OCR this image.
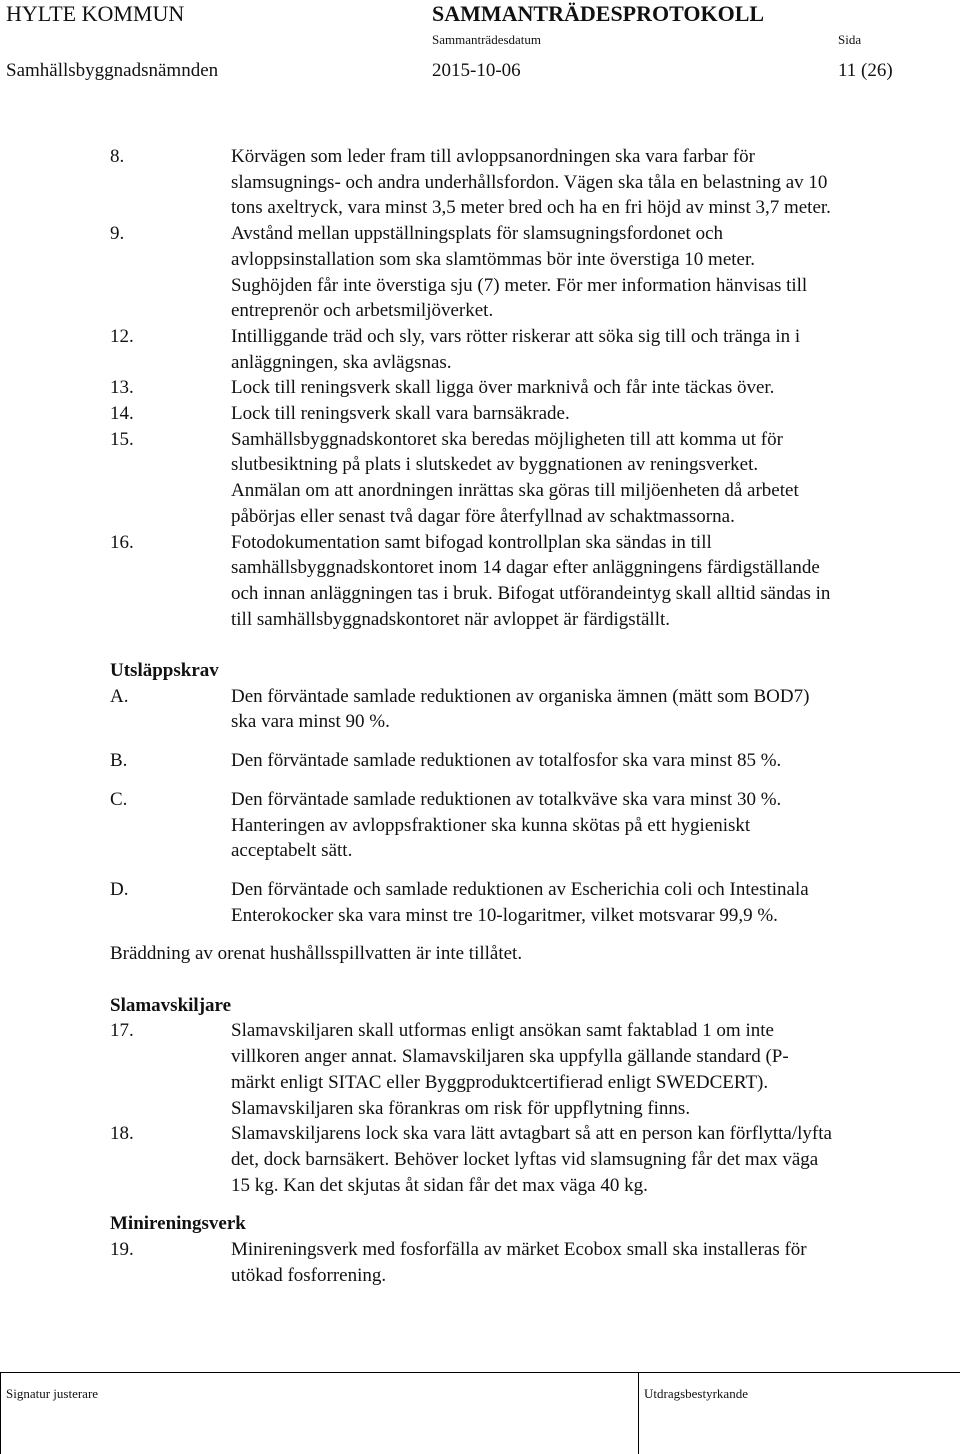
HYLTE KOMMUN	SAMMANTRÄDESPROTOKOLL
Sammanträdesdatum	Sida
Samhällsbyggnadsnämnden	2015-10-06	11 (26)
8.	Körvägen som leder fram till avloppsanordningen ska vara farbar för
slamsugnings- och andra underhållsfordon. Vägen ska tåla en belastning av 10
tons axeltryck, vara minst 3,5 meter bred och ha en fri höjd av minst 3,7 meter.
9.	Avstånd mellan uppställningsplats för slamsugningsfordonet och
avloppsinstallation som ska slamtömmas bör inte överstiga 10 meter.
Sughöjden får inte överstiga sju (7) meter. För mer information hänvisas till
entreprenör och arbetsmiljöverket.
12.	Intilliggande träd och sly, vars rötter riskerar att söka sig till och tränga in i
anläggningen, ska avlägsnas.
13.	Lock till reningsverk skall ligga över marknivå och får inte täckas över.
14.	Lock till reningsverk skall vara barnsäkrade.
15.	Samhällsbyggnadskontoret ska beredas möjligheten till att komma ut för
slutbesiktning på plats i slutskedet av byggnationen av reningsverket.
Anmälan om att anordningen inrättas ska göras till miljöenheten då arbetet
påbörjas eller senast två dagar före återfyllnad av schaktmassorna.
16.	Fotodokumentation samt bifogad kontrollplan ska sändas in till
samhällsbyggnadskontoret inom 14 dagar efter anläggningens färdigställande
och innan anläggningen tas i bruk. Bifogat utförandeintyg skall alltid sändas in
till samhällsbyggnadskontoret när avloppet är färdigställt.
Utsläppskrav
A.	Den förväntade samlade reduktionen av organiska ämnen (mätt som BOD7)
ska vara minst 90 %.
B.	Den förväntade samlade reduktionen av totalfosfor ska vara minst 85 %.
C.	Den förväntade samlade reduktionen av totalkväve ska vara minst 30 %.
Hanteringen av avloppsfraktioner ska kunna skötas på ett hygieniskt
acceptabelt sätt.
D.	Den förväntade och samlade reduktionen av Escherichia coli och Intestinala
Enterokocker ska vara minst tre 10-logaritmer, vilket motsvarar 99,9 %.
Bräddning av orenat hushållsspillvatten är inte tillåtet.
Slamavskiljare
17.	Slamavskiljaren skall utformas enligt ansökan samt faktablad 1 om inte
villkoren anger annat. Slamavskiljaren ska uppfylla gällande standard (P-
märkt enligt SITAC eller Byggproduktcertifierad enligt SWEDCERT).
Slamavskiljaren ska förankras om risk för uppflytning finns.
18.	Slamavskiljarens lock ska vara lätt avtagbart så att en person kan förflytta/lyfta
det, dock barnsäkert. Behöver locket lyftas vid slamsugning får det max väga
15 kg. Kan det skjutas åt sidan får det max väga 40 kg.
Minireningsverk
19.	Minireningsverk med fosforfälla av märket Ecobox small ska installeras för
utökad fosforrening.
Signatur justerare	Utdragsbestyrkande
